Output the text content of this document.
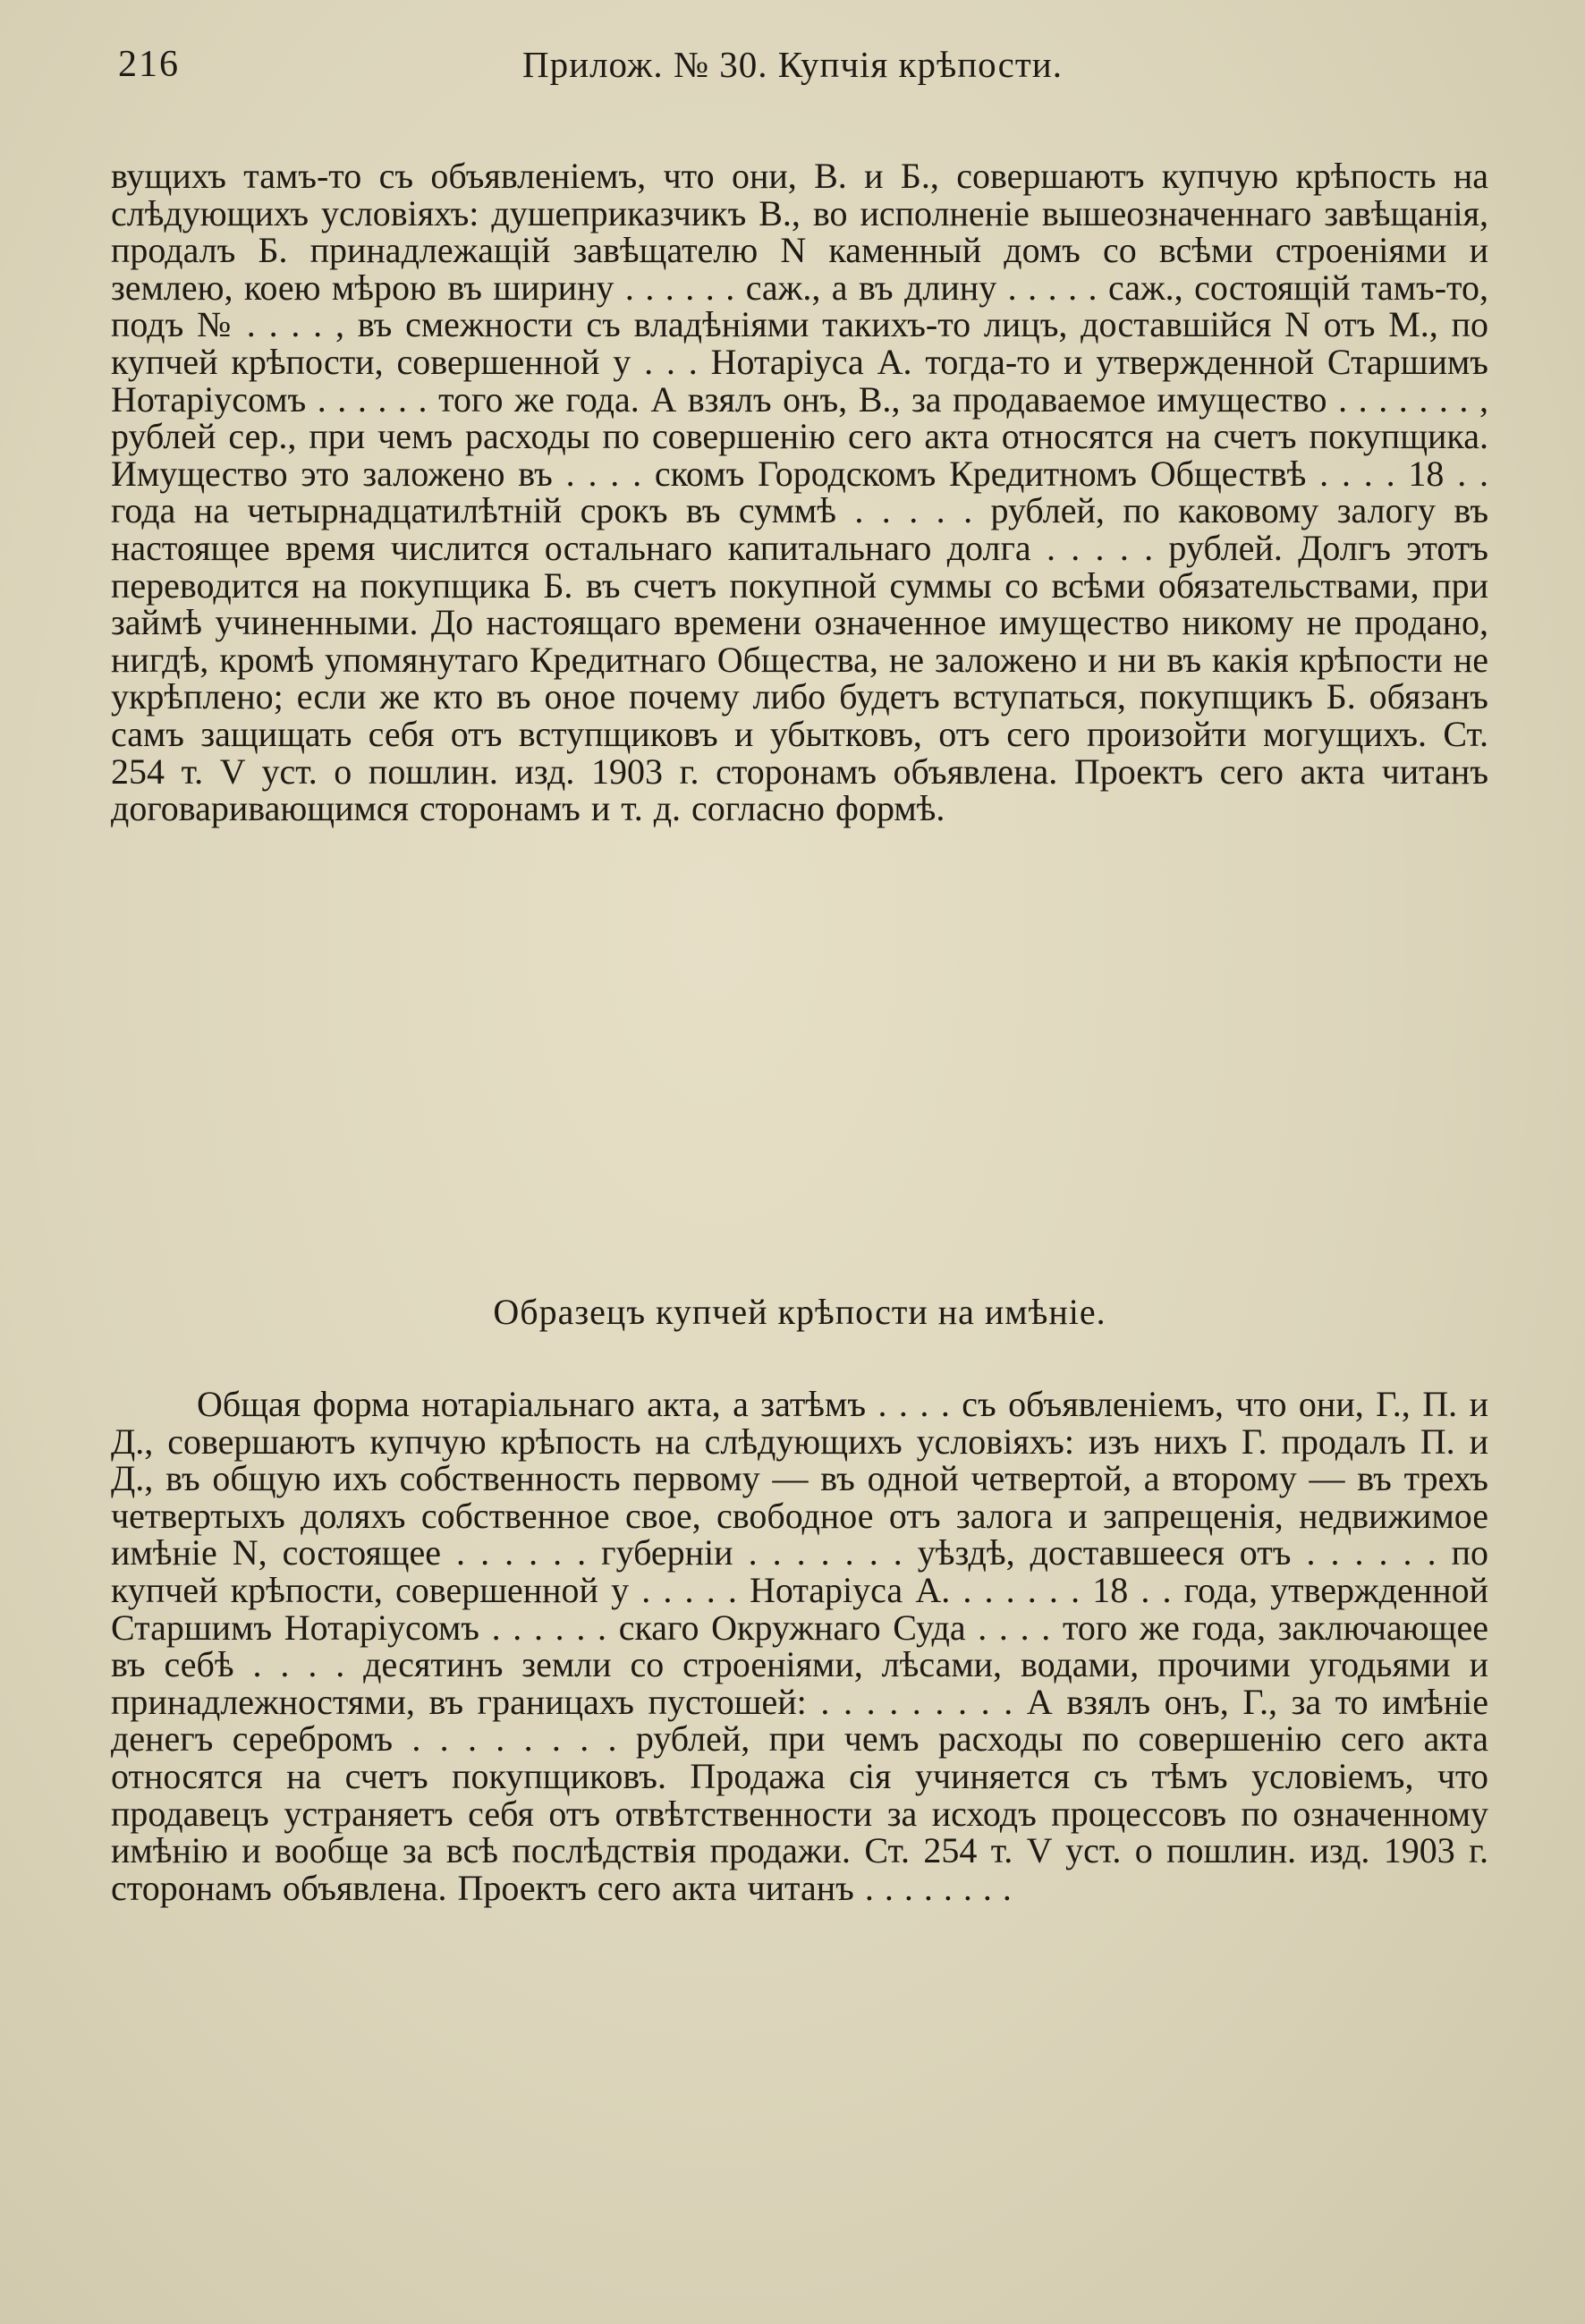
216	Прилож. № 30. Купчія крѣпости.

вущихъ тамъ-то съ объявленіемъ, что они, В. и Б., совершаютъ купчую крѣпость на слѣдующихъ условіяхъ: душеприказчикъ В., во исполненіе вышеозначеннаго завѣщанія, продалъ Б. принадлежащій завѣщателю N каменный домъ со всѣми строеніями и землею, коею мѣрою въ ширину . . . . . . саж., а въ длину . . . . . саж., состоящій тамъ-то, подъ № . . . . , въ смежности съ владѣніями такихъ-то лицъ, доставшійся N отъ М., по купчей крѣпости, совершенной у . . . Нотаріуса А. тогда-то и утвержденной Старшимъ Нотаріусомъ . . . . . . того же года. А взялъ онъ, В., за продаваемое имущество . . . . . . . , рублей сер., при чемъ расходы по совершенію сего акта относятся на счетъ покупщика. Имущество это заложено въ . . . . скомъ Городскомъ Кредитномъ Обществѣ . . . . 18 . . года на четырнадцатилѣтній срокъ въ суммѣ . . . . . рублей, по каковому залогу въ настоящее время числится остальнаго капитальнаго долга . . . . . рублей. Долгъ этотъ переводится на покупщика Б. въ счетъ покупной суммы со всѣми обязательствами, при займѣ учиненными. До настоящаго времени означенное имущество никому не продано, нигдѣ, кромѣ упомянутаго Кредитнаго Общества, не заложено и ни въ какія крѣпости не укрѣплено; если же кто въ оное почему либо будетъ вступаться, покупщикъ Б. обязанъ самъ защищать себя отъ вступщиковъ и убытковъ, отъ сего произойти могущихъ. Ст. 254 т. V уст. о пошлин. изд. 1903 г. сторонамъ объявлена. Проектъ сего акта читанъ договаривающимся сторонамъ и т. д. согласно формѣ.

Образецъ купчей крѣпости на имѣніе.

Общая форма нотаріальнаго акта, а затѣмъ . . . . съ объявленіемъ, что они, Г., П. и Д., совершаютъ купчую крѣпость на слѣдующихъ условіяхъ: изъ нихъ Г. продалъ П. и Д., въ общую ихъ собственность первому — въ одной четвертой, а второму — въ трехъ четвертыхъ доляхъ собственное свое, свободное отъ залога и запрещенія, недвижимое имѣніе N, состоящее . . . . . . губерніи . . . . . . . уѣздѣ, доставшееся отъ . . . . . . по купчей крѣпости, совершенной у . . . . . Нотаріуса А. . . . . . . 18 . . года, утвержденной Старшимъ Нотаріусомъ . . . . . . скаго Окружнаго Суда . . . . того же года, заключающее въ себѣ . . . . десятинъ земли со строеніями, лѣсами, водами, прочими угодьями и принадлежностями, въ границахъ пустошей: . . . . . . . . . А взялъ онъ, Г., за то имѣніе денегъ серебромъ . . . . . . . . рублей, при чемъ расходы по совершенію сего акта относятся на счетъ покупщиковъ. Продажа сія учиняется съ тѣмъ условіемъ, что продавецъ устраняетъ себя отъ отвѣтственности за исходъ процессовъ по означенному имѣнію и вообще за всѣ послѣдствія продажи. Ст. 254 т. V уст. о пошлин. изд. 1903 г. сторонамъ объявлена. Проектъ сего акта читанъ . . . . . . . .
